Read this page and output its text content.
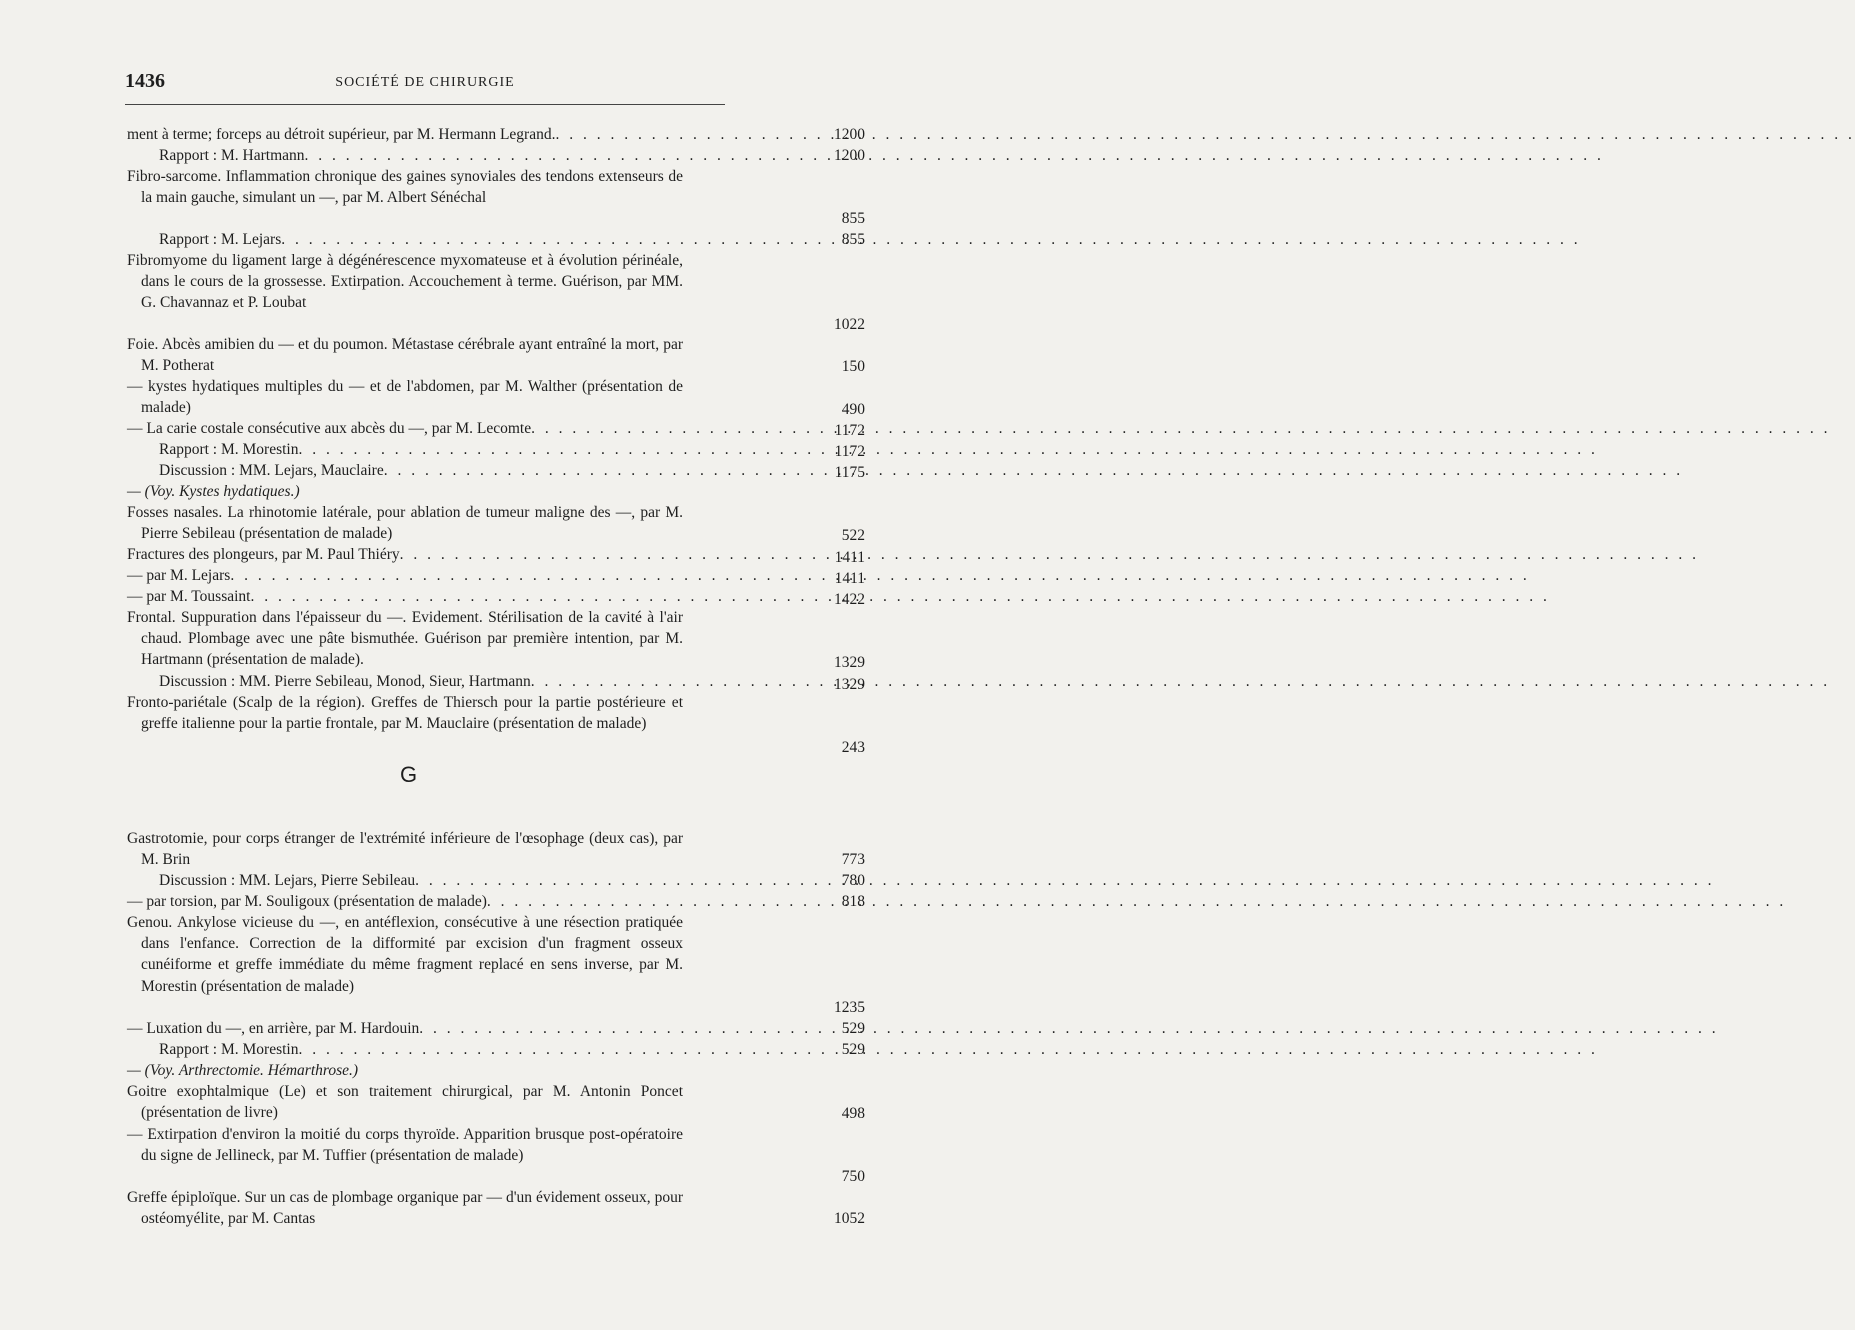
1436	SOCIÉTÉ DE CHIRURGIE

ment à terme; forceps au détroit supérieur, par M. Hermann Legrand.
. . .

Rapport : M. Hartmann
. . .

Fibro-sarcome. Inflammation chronique des gaines synoviales des tendons extenseurs de la main gauche, simulant un —, par M. Albert Sénéchal

Rapport : M. Lejars
. . .

Fibromyome du ligament large à dégénérescence myxomateuse et à évolution périnéale, dans le cours de la grossesse. Extirpation. Accouchement à terme. Guérison, par MM. G. Chavannaz et P. Loubat

Foie. Abcès amibien du — et du poumon. Métastase cérébrale ayant entraîné la mort, par M. Potherat

— kystes hydatiques multiples du — et de l'abdomen, par M. Walther (présentation de malade)

— La carie costale consécutive aux abcès du —, par M. Lecomte
. . .

Rapport : M. Morestin
. . .

Discussion : MM. Lejars, Mauclaire
. . .

— (Voy. Kystes hydatiques.)

Fosses nasales. La rhinotomie latérale, pour ablation de tumeur maligne des —, par M. Pierre Sebileau (présentation de malade)

Fractures des plongeurs, par M. Paul Thiéry
. . .

— par M. Lejars
. . .

— par M. Toussaint
. . .

Frontal. Suppuration dans l'épaisseur du —. Evidement. Stérilisation de la cavité à l'air chaud. Plombage avec une pâte bismuthée. Guérison par première intention, par M. Hartmann (présentation de malade).

Discussion : MM. Pierre Sebileau, Monod, Sieur, Hartmann
. . .

Fronto-pariétale (Scalp de la région). Greffes de Thiersch pour la partie postérieure et greffe italienne pour la partie frontale, par M. Mauclaire (présentation de malade)

1200
1200
855
855
1022
150
490
1172
1172
1175
522
1411
1411
1422
1329
1329
243
G

Gastrotomie, pour corps étranger de l'extrémité inférieure de l'œsophage (deux cas), par M. Brin

Discussion : MM. Lejars, Pierre Sebileau
. . .

— par torsion, par M. Souligoux (présentation de malade)
. . .

Genou. Ankylose vicieuse du —, en antéflexion, consécutive à une résection pratiquée dans l'enfance. Correction de la difformité par excision d'un fragment osseux cunéiforme et greffe immédiate du même fragment replacé en sens inverse, par M. Morestin (présentation de malade)

— Luxation du —, en arrière, par M. Hardouin
. . .

Rapport : M. Morestin
. . .

— (Voy. Arthrectomie. Hémarthrose.)

Goitre exophtalmique (Le) et son traitement chirurgical, par M. Antonin Poncet (présentation de livre)

— Extirpation d'environ la moitié du corps thyroïde. Apparition brusque post-opératoire du signe de Jellineck, par M. Tuffier (présentation de malade)

Greffe épiploïque. Sur un cas de plombage organique par — d'un évidement osseux, pour ostéomyélite, par M. Cantas

773
780
818
1235
529
529
498
750
1052
